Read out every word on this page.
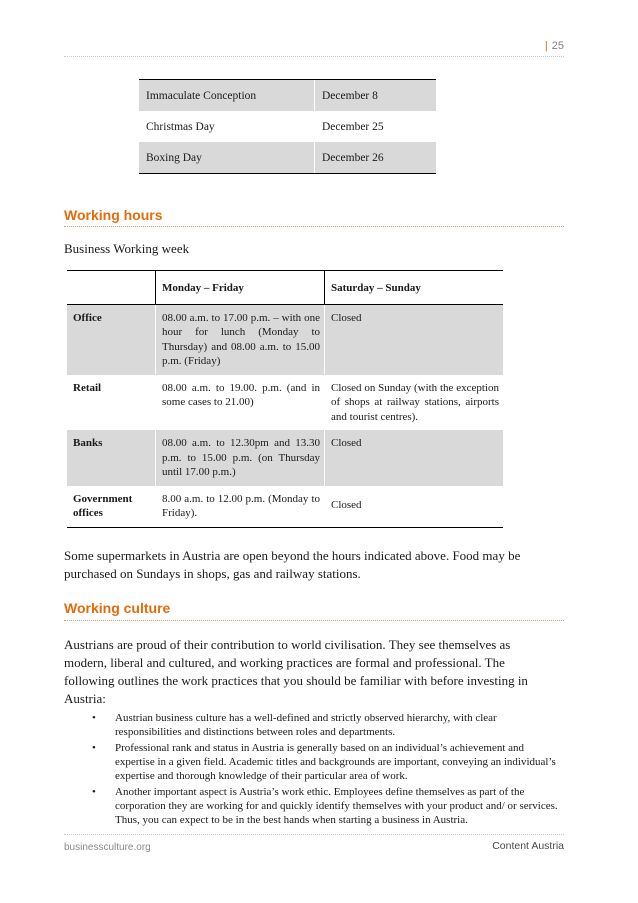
| 25
Immaculate Conception	December 8
Christmas Day	December 25
Boxing Day	December 26
Working hours

Business Working week

	Monday – Friday	Saturday – Sunday
Office	08.00 a.m. to 17.00 p.m. – with one hour for lunch (Monday to Thursday) and 08.00 a.m. to 15.00 p.m. (Friday)	Closed
Retail	08.00 a.m. to 19.00. p.m. (and in some cases to 21.00)	Closed on Sunday (with the exception of shops at railway stations, airports and tourist centres).
Banks	08.00 a.m. to 12.30pm and 13.30 p.m. to 15.00 p.m. (on Thursday until 17.00 p.m.)	Closed
Government offices	8.00 a.m. to 12.00 p.m. (Monday to Friday).	Closed

Some supermarkets in Austria are open beyond the hours indicated above. Food may be purchased on Sundays in shops, gas and railway stations.

Working culture

Austrians are proud of their contribution to world civilisation. They see themselves as modern, liberal and cultured, and working practices are formal and professional. The following outlines the work practices that you should be familiar with before investing in Austria:

• Austrian business culture has a well-defined and strictly observed hierarchy, with clear responsibilities and distinctions between roles and departments.
• Professional rank and status in Austria is generally based on an individual’s achievement and expertise in a given field. Academic titles and backgrounds are important, conveying an individual’s expertise and thorough knowledge of their particular area of work.
• Another important aspect is Austria’s work ethic. Employees define themselves as part of the corporation they are working for and quickly identify themselves with your product and/ or services. Thus, you can expect to be in the best hands when starting a business in Austria.
businessculture.org	Content Austria
